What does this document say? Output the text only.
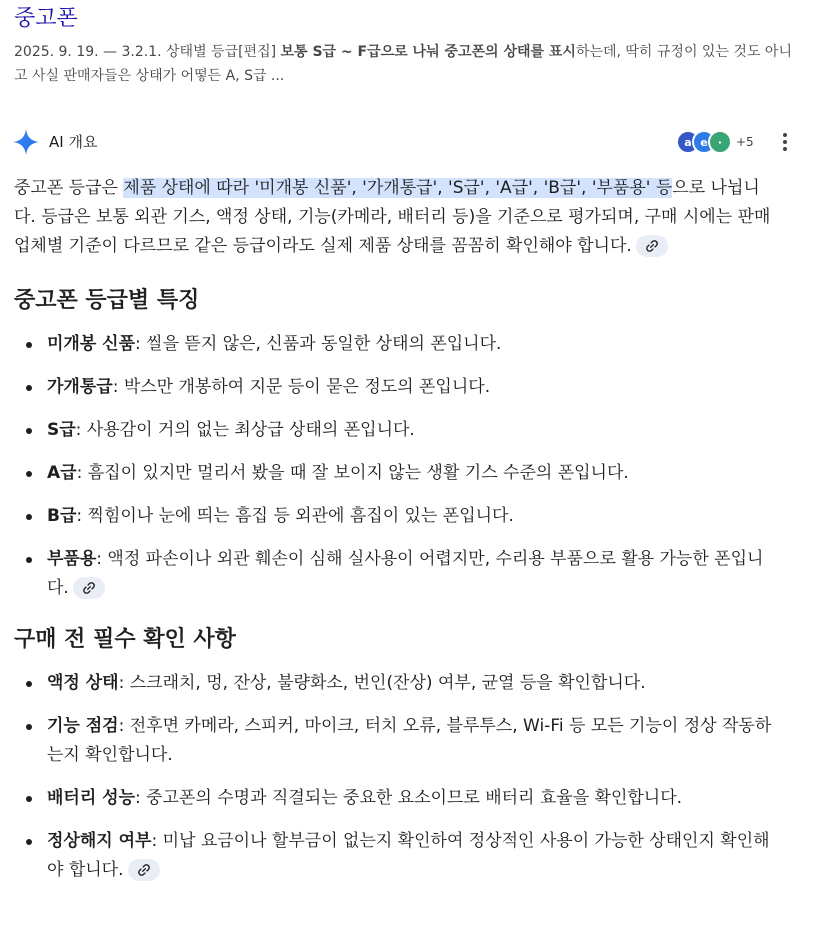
중고폰
2025. 9. 19. — 3.2.1. 상태별 등급[편집] 보통 S급 ~ F급으로 나눠 중고폰의 상태를 표시하는데, 딱히 규정이 있는 것도 아니고 사실 판매자들은 상태가 어떻든 A, S급 ...
AI 개요	a e ·	+5

중고폰 등급은 제품 상태에 따라 '미개봉 신품', '가개통급', 'S급', 'A급', 'B급', '부품용' 등으로 나뉩니다. 등급은 보통 외관 기스, 액정 상태, 기능(카메라, 배터리 등)을 기준으로 평가되며, 구매 시에는 판매업체별 기준이 다르므로 같은 등급이라도 실제 제품 상태를 꼼꼼히 확인해야 합니다.

중고폰 등급별 특징
미개봉 신품: 씰을 뜯지 않은, 신품과 동일한 상태의 폰입니다.
가개통급: 박스만 개봉하여 지문 등이 묻은 정도의 폰입니다.
S급: 사용감이 거의 없는 최상급 상태의 폰입니다.
A급: 흠집이 있지만 멀리서 봤을 때 잘 보이지 않는 생활 기스 수준의 폰입니다.
B급: 찍힘이나 눈에 띄는 흠집 등 외관에 흠집이 있는 폰입니다.
부품용: 액정 파손이나 외관 훼손이 심해 실사용이 어렵지만, 수리용 부품으로 활용 가능한 폰입니다.
구매 전 필수 확인 사항
액정 상태: 스크래치, 멍, 잔상, 불량화소, 번인(잔상) 여부, 균열 등을 확인합니다.
기능 점검: 전후면 카메라, 스피커, 마이크, 터치 오류, 블루투스, Wi-Fi 등 모든 기능이 정상 작동하는지 확인합니다.
배터리 성능: 중고폰의 수명과 직결되는 중요한 요소이므로 배터리 효율을 확인합니다.
정상해지 여부: 미납 요금이나 할부금이 없는지 확인하여 정상적인 사용이 가능한 상태인지 확인해야 합니다.
